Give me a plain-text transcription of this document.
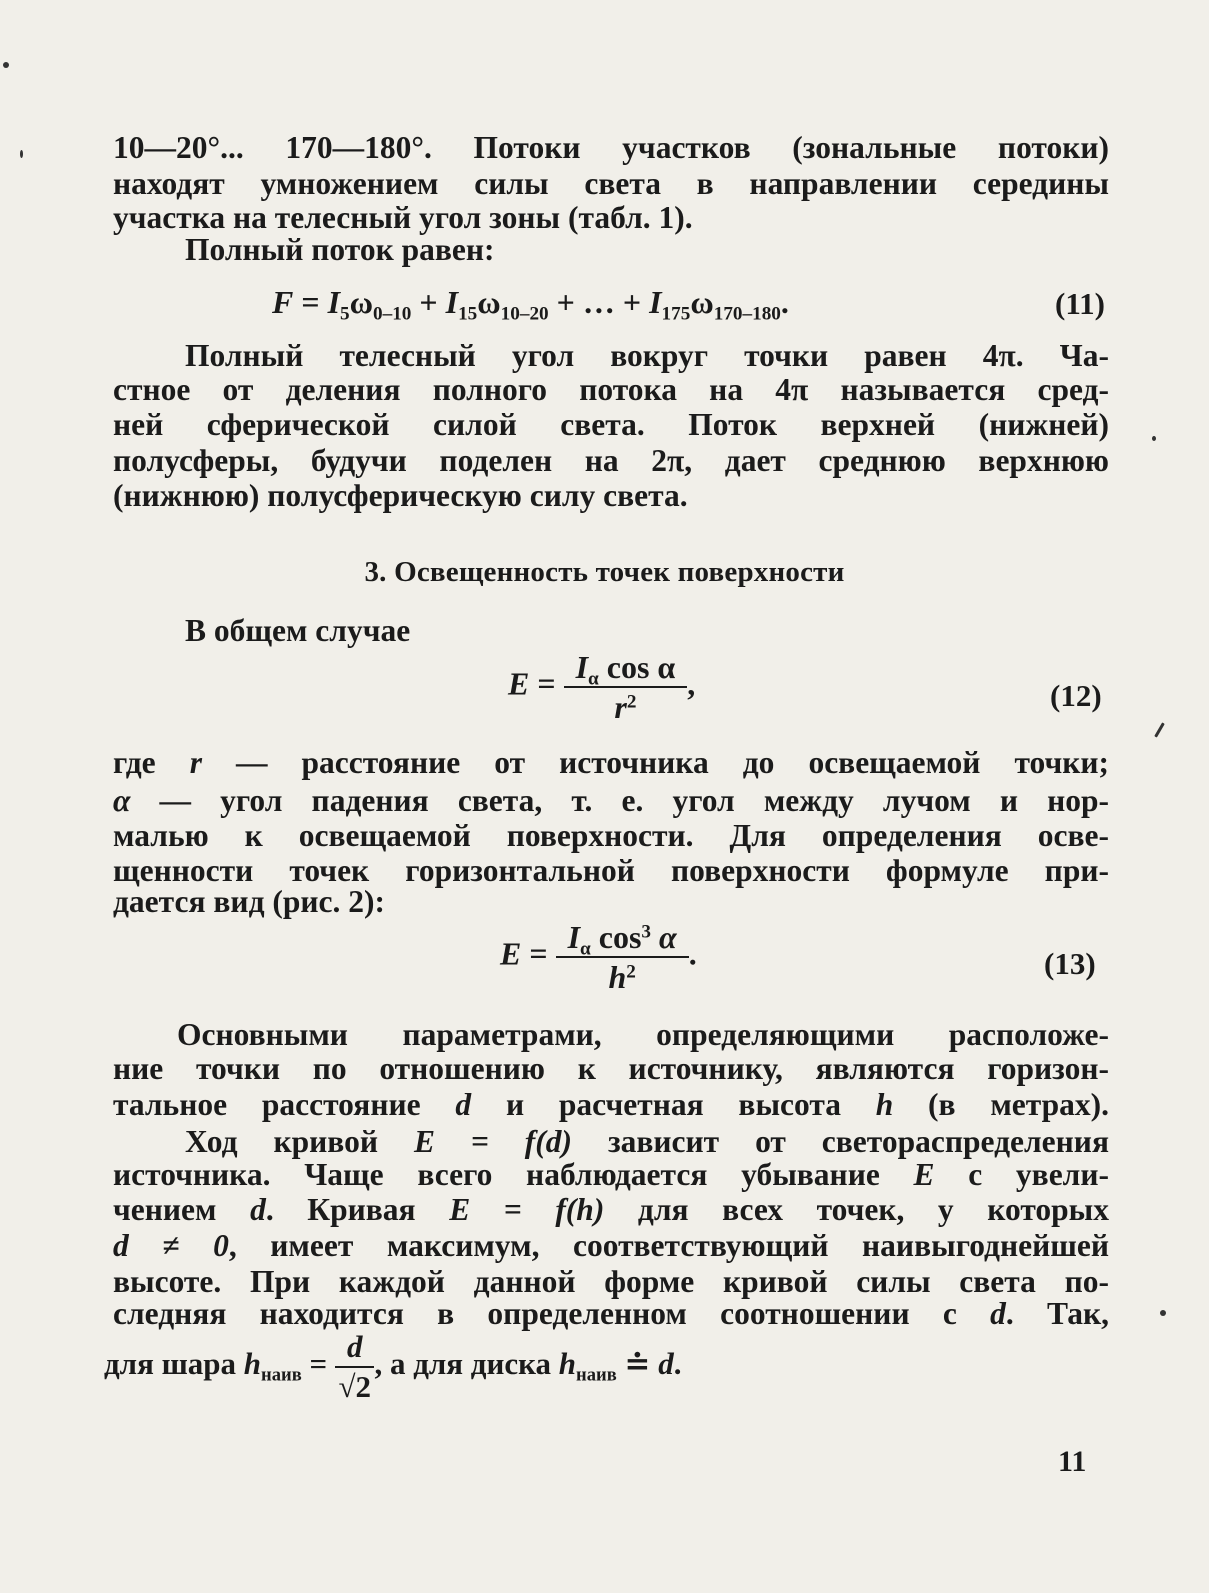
10—20°... 170—180°. Потоки участков (зональные потоки)
находят умножением силы света в направлении середины
участка на телесный угол зоны (табл. 1).
Полный поток равен:
$F = I_5\omega_{0-10} + I_{15}\omega_{10-20}$ + … + $I_{175}\omega_{170-180}$.	(11)
Полный телесный угол вокруг точки равен 4π. Ча-
стное от деления полного потока на 4π называется сред-
ней сферической силой света. Поток верхней (нижней)
полусферы, будучи поделен на 2π, дает среднюю верхнюю
(нижнюю) полусферическую силу света.
3. Освещенность точек поверхности
В общем случае
$E = \frac{I_\alpha \cos \alpha}{r^2}$ ,	(12)
где r — расстояние от источника до освещаемой точки;
α — угол падения света, т. е. угол между лучом и нор-
малью к освещаемой поверхности. Для определения осве-
щенности точек горизонтальной поверхности формуле при-
дается вид (рис. 2):
$E = \frac{I_\alpha \cos^3 \alpha}{h^2}$ .	(13)
Основными параметрами, определяющими расположе-
ние точки по отношению к источнику, являются горизон-
тальное расстояние d и расчетная высота h (в метрах).
Ход кривой E = f(d) зависит от светораспределения
источника. Чаще всего наблюдается убывание E с увели-
чением d. Кривая E = f(h) для всех точек, у которых
d ≠ 0, имеет максимум, соответствующий наивыгоднейшей
высоте. При каждой данной форме кривой силы света по-
следняя находится в определенном соотношении с d. Так,
для шара $h_{наив} = \frac{d}{√2}$ , а для диска $h_{наив}$ ≐ d.
11
